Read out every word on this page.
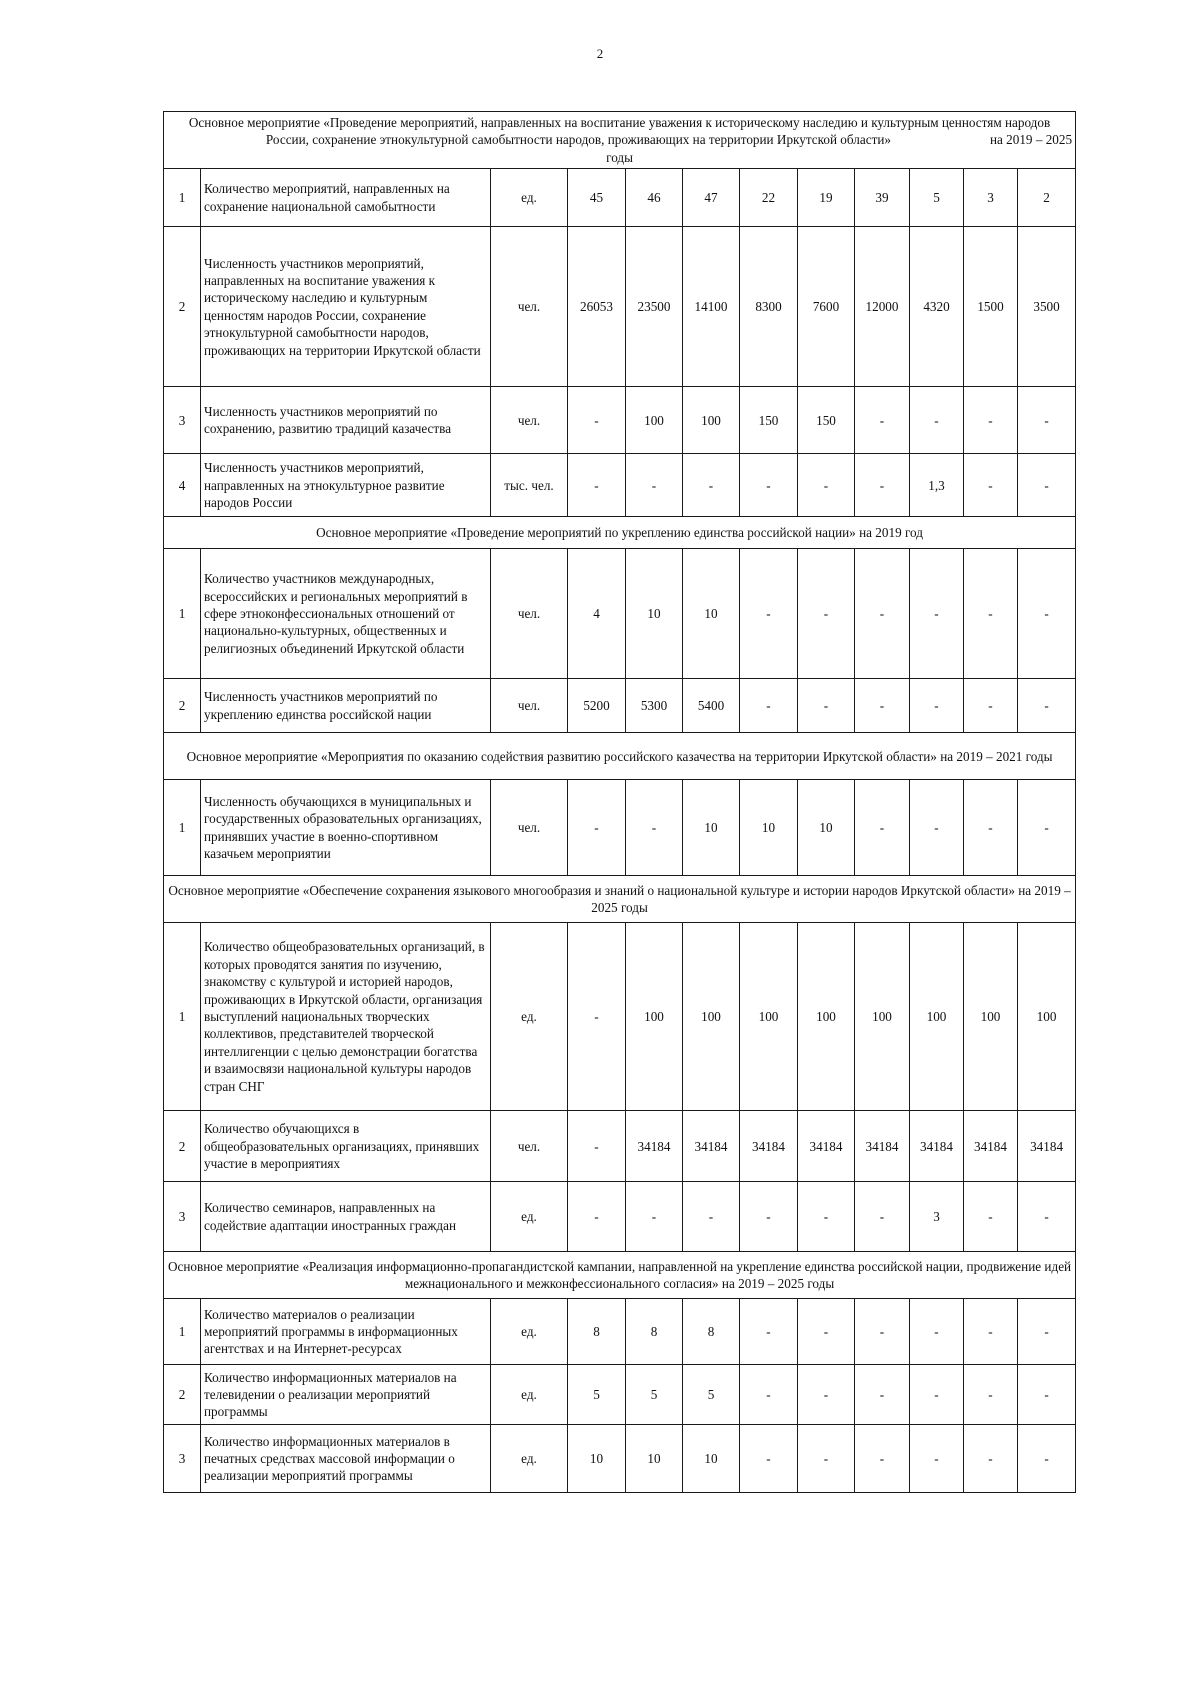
2
Основное мероприятие «Проведение мероприятий, направленных на воспитание уважения к историческому наследию и культурным ценностям народов России, сохранение этнокультурной самобытности народов, проживающих на территории Иркутской области» на 2019 – 2025

годы											
1	Количество мероприятий, направленных на сохранение национальной самобытности	ед.	45	46	47	22	19	39	5	3	2
2	Численность участников мероприятий, направленных на воспитание уважения к историческому наследию и культурным ценностям народов России, сохранение этнокультурной самобытности народов, проживающих на территории Иркутской области	чел.	26053	23500	14100	8300	7600	12000	4320	1500	3500
3	Численность участников мероприятий по сохранению, развитию традиций казачества	чел.	-	100	100	150	150	-	-	-	-
4	Численность участников мероприятий, направленных на этнокультурное развитие народов России	тыс. чел.	-	-	-	-	-	-	1,3	-	-
Основное мероприятие «Проведение мероприятий по укреплению единства российской нации» на 2019 год											
1	Количество участников международных, всероссийских и региональных мероприятий в сфере этноконфессиональных отношений от национально-культурных, общественных и религиозных объединений Иркутской области	чел.	4	10	10	-	-	-	-	-	-
2	Численность участников мероприятий по укреплению единства российской нации	чел.	5200	5300	5400	-	-	-	-	-	-
Основное мероприятие «Мероприятия по оказанию содействия развитию российского казачества на территории Иркутской области» на 2019 – 2021 годы											
1	Численность обучающихся в муниципальных и государственных образовательных организациях, принявших участие в военно-спортивном казачьем мероприятии	чел.	-	-	10	10	10	-	-	-	-
Основное мероприятие «Обеспечение сохранения языкового многообразия и знаний о национальной культуре и истории народов Иркутской области» на 2019 – 2025 годы											
1	Количество общеобразовательных организаций, в которых проводятся занятия по изучению, знакомству с культурой и историей народов, проживающих в Иркутской области, организация выступлений национальных творческих коллективов, представителей творческой интеллигенции с целью демонстрации богатства и взаимосвязи национальной культуры народов стран СНГ	ед.	-	100	100	100	100	100	100	100	100
2	Количество обучающихся в общеобразовательных организациях, принявших участие в мероприятиях	чел.	-	34184	34184	34184	34184	34184	34184	34184	34184
3	Количество семинаров, направленных на содействие адаптации иностранных граждан	ед.	-	-	-	-	-	-	3	-	-
Основное мероприятие «Реализация информационно-пропагандистской кампании, направленной на укрепление единства российской нации, продвижение идей межнационального и межконфессионального согласия» на 2019 – 2025 годы											
1	Количество материалов о реализации мероприятий программы в информационных агентствах и на Интернет-ресурсах	ед.	8	8	8	-	-	-	-	-	-
2	Количество информационных материалов на телевидении о реализации мероприятий программы	ед.	5	5	5	-	-	-	-	-	-
3	Количество информационных материалов в печатных средствах массовой информации о реализации мероприятий программы	ед.	10	10	10	-	-	-	-	-	-
